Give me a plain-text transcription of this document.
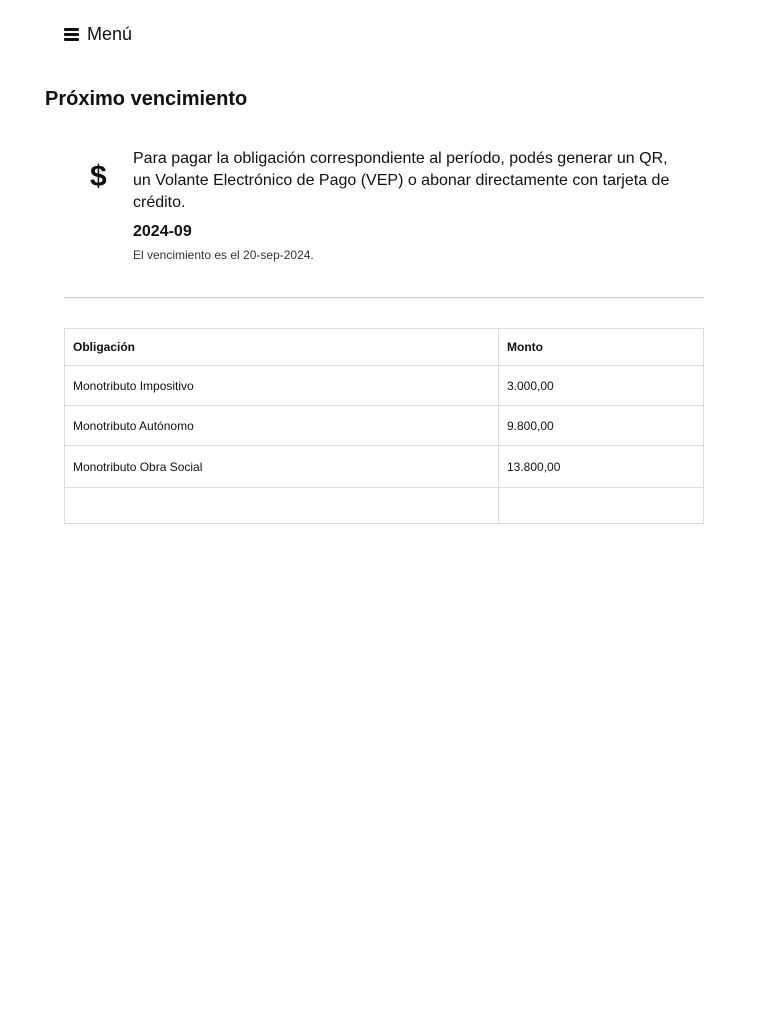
Menú
Próximo vencimiento
$

Para pagar la obligación correspondiente al período, podés generar un QR, un Volante Electrónico de Pago (VEP) o abonar directamente con tarjeta de crédito.

2024-09

El vencimiento es el 20-sep-2024.

Obligación	Monto
Monotributo Impositivo	3.000,00
Monotributo Autónomo	9.800,00
Monotributo Obra Social	13.800,00
